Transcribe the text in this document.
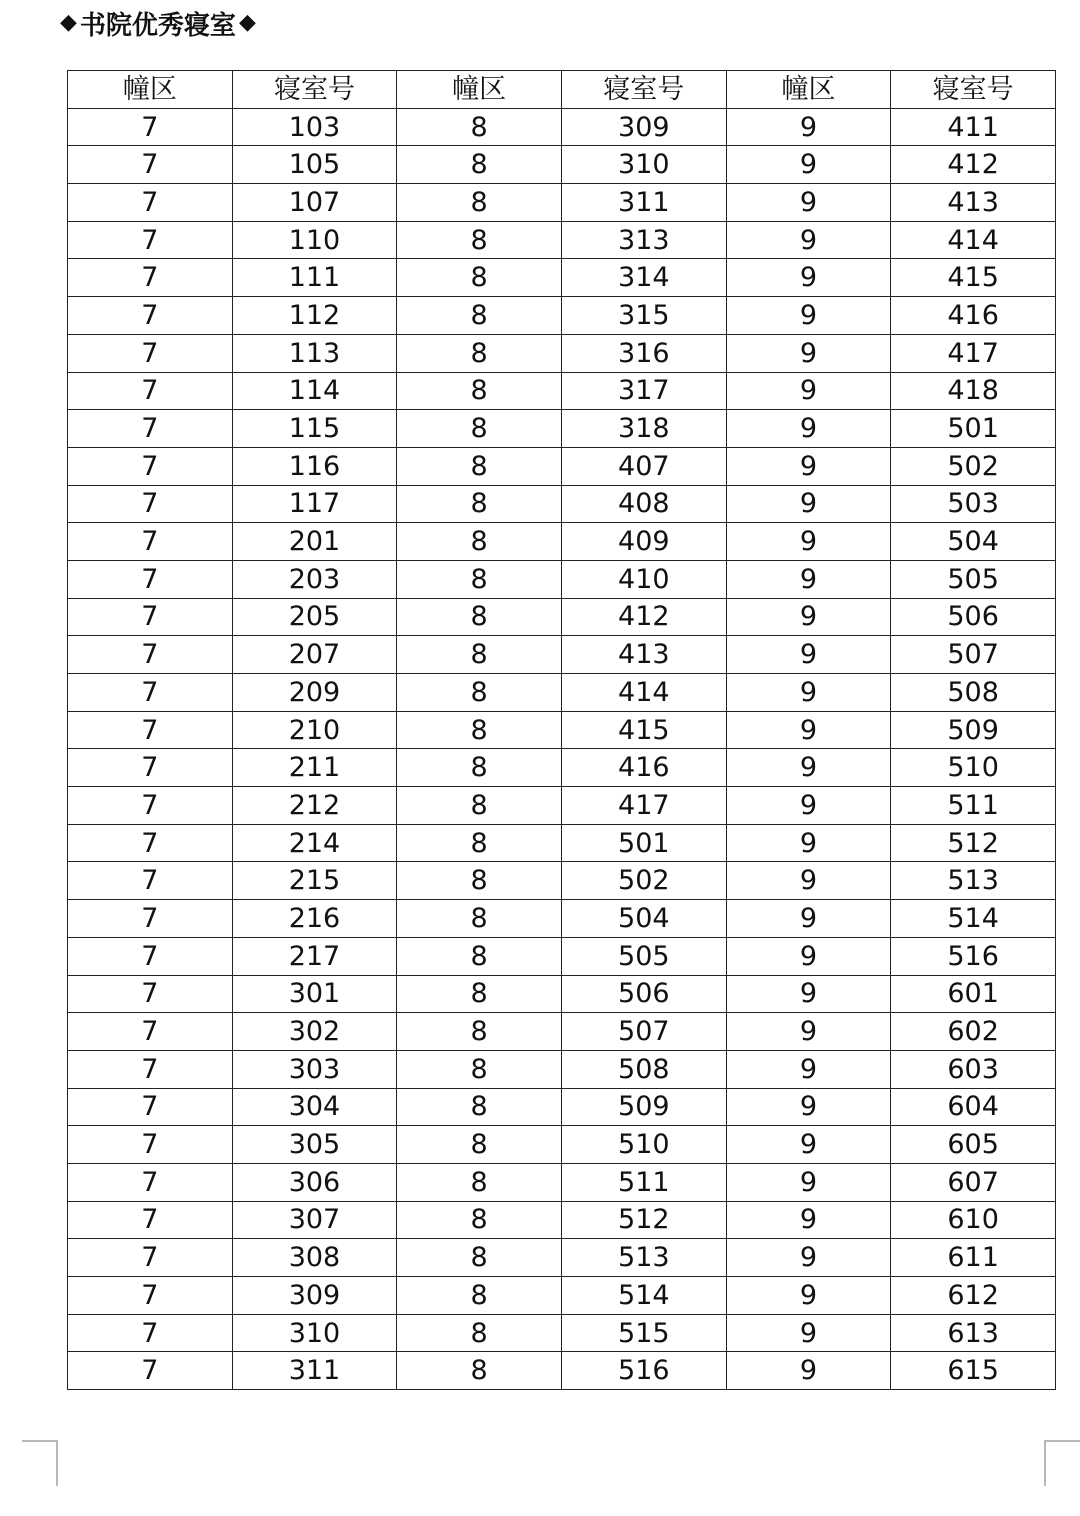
◆ 书院优秀寝室 ◆
幢区	寝室号	幢区	寝室号	幢区	寝室号
7	103	8	309	9	411
7	105	8	310	9	412
7	107	8	311	9	413
7	110	8	313	9	414
7	111	8	314	9	415
7	112	8	315	9	416
7	113	8	316	9	417
7	114	8	317	9	418
7	115	8	318	9	501
7	116	8	407	9	502
7	117	8	408	9	503
7	201	8	409	9	504
7	203	8	410	9	505
7	205	8	412	9	506
7	207	8	413	9	507
7	209	8	414	9	508
7	210	8	415	9	509
7	211	8	416	9	510
7	212	8	417	9	511
7	214	8	501	9	512
7	215	8	502	9	513
7	216	8	504	9	514
7	217	8	505	9	516
7	301	8	506	9	601
7	302	8	507	9	602
7	303	8	508	9	603
7	304	8	509	9	604
7	305	8	510	9	605
7	306	8	511	9	607
7	307	8	512	9	610
7	308	8	513	9	611
7	309	8	514	9	612
7	310	8	515	9	613
7	311	8	516	9	615
